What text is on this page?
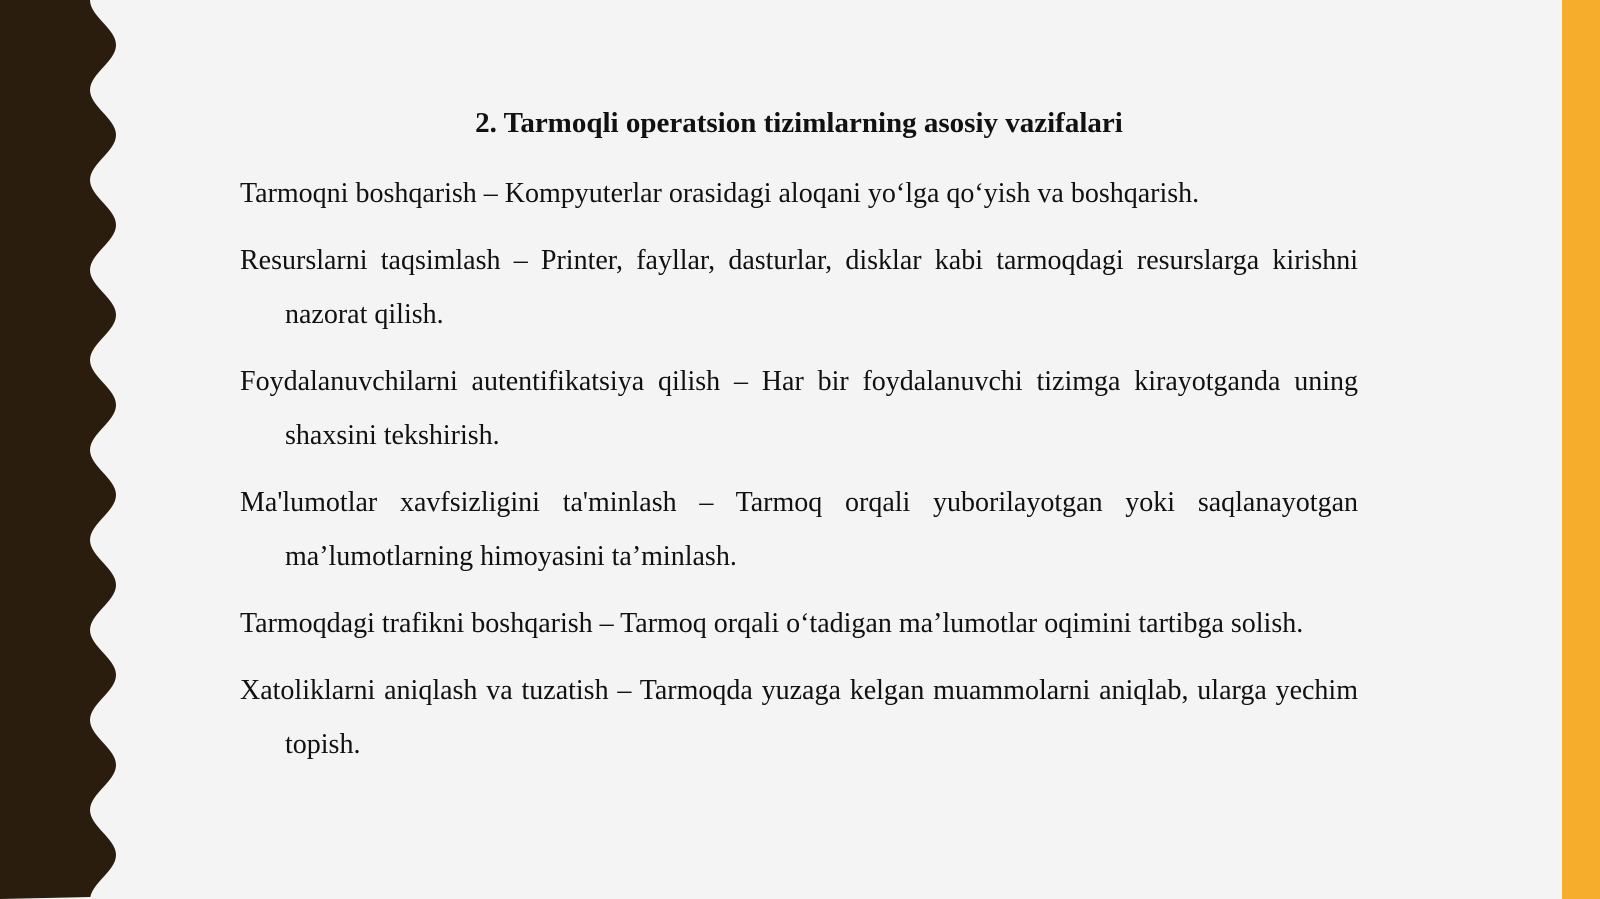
2. Tarmoqli operatsion tizimlarning asosiy vazifalari
Tarmoqni boshqarish – Kompyuterlar orasidagi aloqani yo‘lga qo‘yish va boshqarish.
Resurslarni taqsimlash – Printer, fayllar, dasturlar, disklar kabi tarmoqdagi resurslarga kirishni nazorat qilish.
Foydalanuvchilarni autentifikatsiya qilish – Har bir foydalanuvchi tizimga kirayotganda uning shaxsini tekshirish.
Ma'lumotlar xavfsizligini ta'minlash – Tarmoq orqali yuborilayotgan yoki saqlanayotgan ma’lumotlarning himoyasini ta’minlash.
Tarmoqdagi trafikni boshqarish – Tarmoq orqali o‘tadigan ma’lumotlar oqimini tartibga solish.
Xatoliklarni aniqlash va tuzatish – Tarmoqda yuzaga kelgan muammolarni aniqlab, ularga yechim topish.
